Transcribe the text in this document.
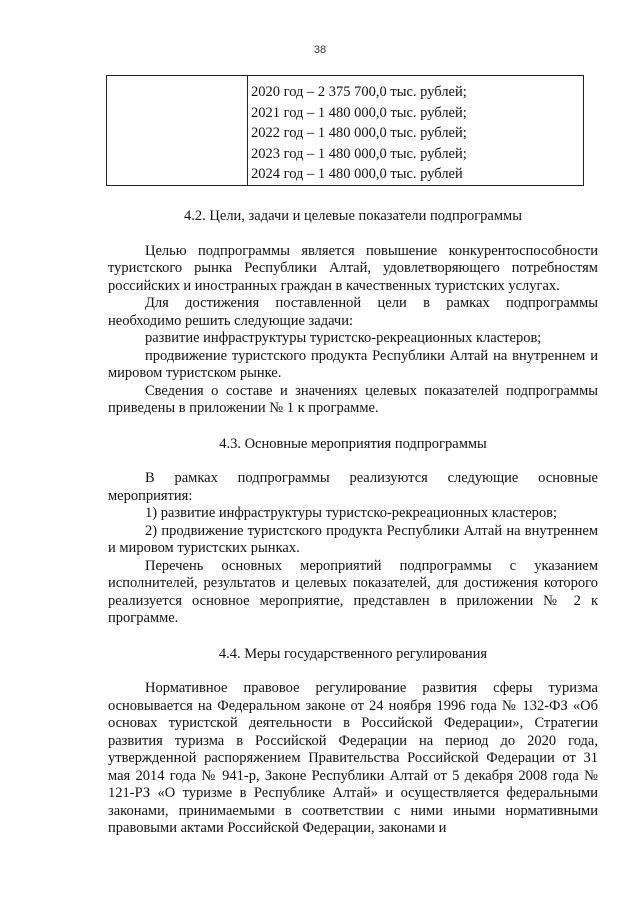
38

2020 год – 2 375 700,0 тыс. рублей;
2021 год – 1 480 000,0 тыс. рублей;
2022 год – 1 480 000,0 тыс. рублей;
2023 год – 1 480 000,0 тыс. рублей;
2024 год – 1 480 000,0 тыс. рублей
4.2. Цели, задачи и целевые показатели подпрограммы

Целью подпрограммы является повышение конкурентоспособности туристского рынка Республики Алтай, удовлетворяющего потребностям российских и иностранных граждан в качественных туристских услугах.

Для достижения поставленной цели в рамках подпрограммы необходимо решить следующие задачи:

развитие инфраструктуры туристско-рекреационных кластеров;

продвижение туристского продукта Республики Алтай на внутреннем и мировом туристском рынке.

Сведения о составе и значениях целевых показателей подпрограммы приведены в приложении № 1 к программе.

4.3. Основные мероприятия подпрограммы

В рамках подпрограммы реализуются следующие основные мероприятия:

1) развитие инфраструктуры туристско-рекреационных кластеров;

2) продвижение туристского продукта Республики Алтай на внутреннем и мировом туристских рынках.

Перечень основных мероприятий подпрограммы с указанием исполнителей, результатов и целевых показателей, для достижения которого реализуется основное мероприятие, представлен в приложении № 2 к программе.

4.4. Меры государственного регулирования

Нормативное правовое регулирование развития сферы туризма основывается на Федеральном законе от 24 ноября 1996 года № 132-ФЗ «Об основах туристской деятельности в Российской Федерации», Стратегии развития туризма в Российской Федерации на период до 2020 года, утвержденной распоряжением Правительства Российской Федерации от 31 мая 2014 года № 941-р, Законе Республики Алтай от 5 декабря 2008 года № 121-РЗ «О туризме в Республике Алтай» и осуществляется федеральными законами, принимаемыми в соответствии с ними иными нормативными правовыми актами Российской Федерации, законами и
